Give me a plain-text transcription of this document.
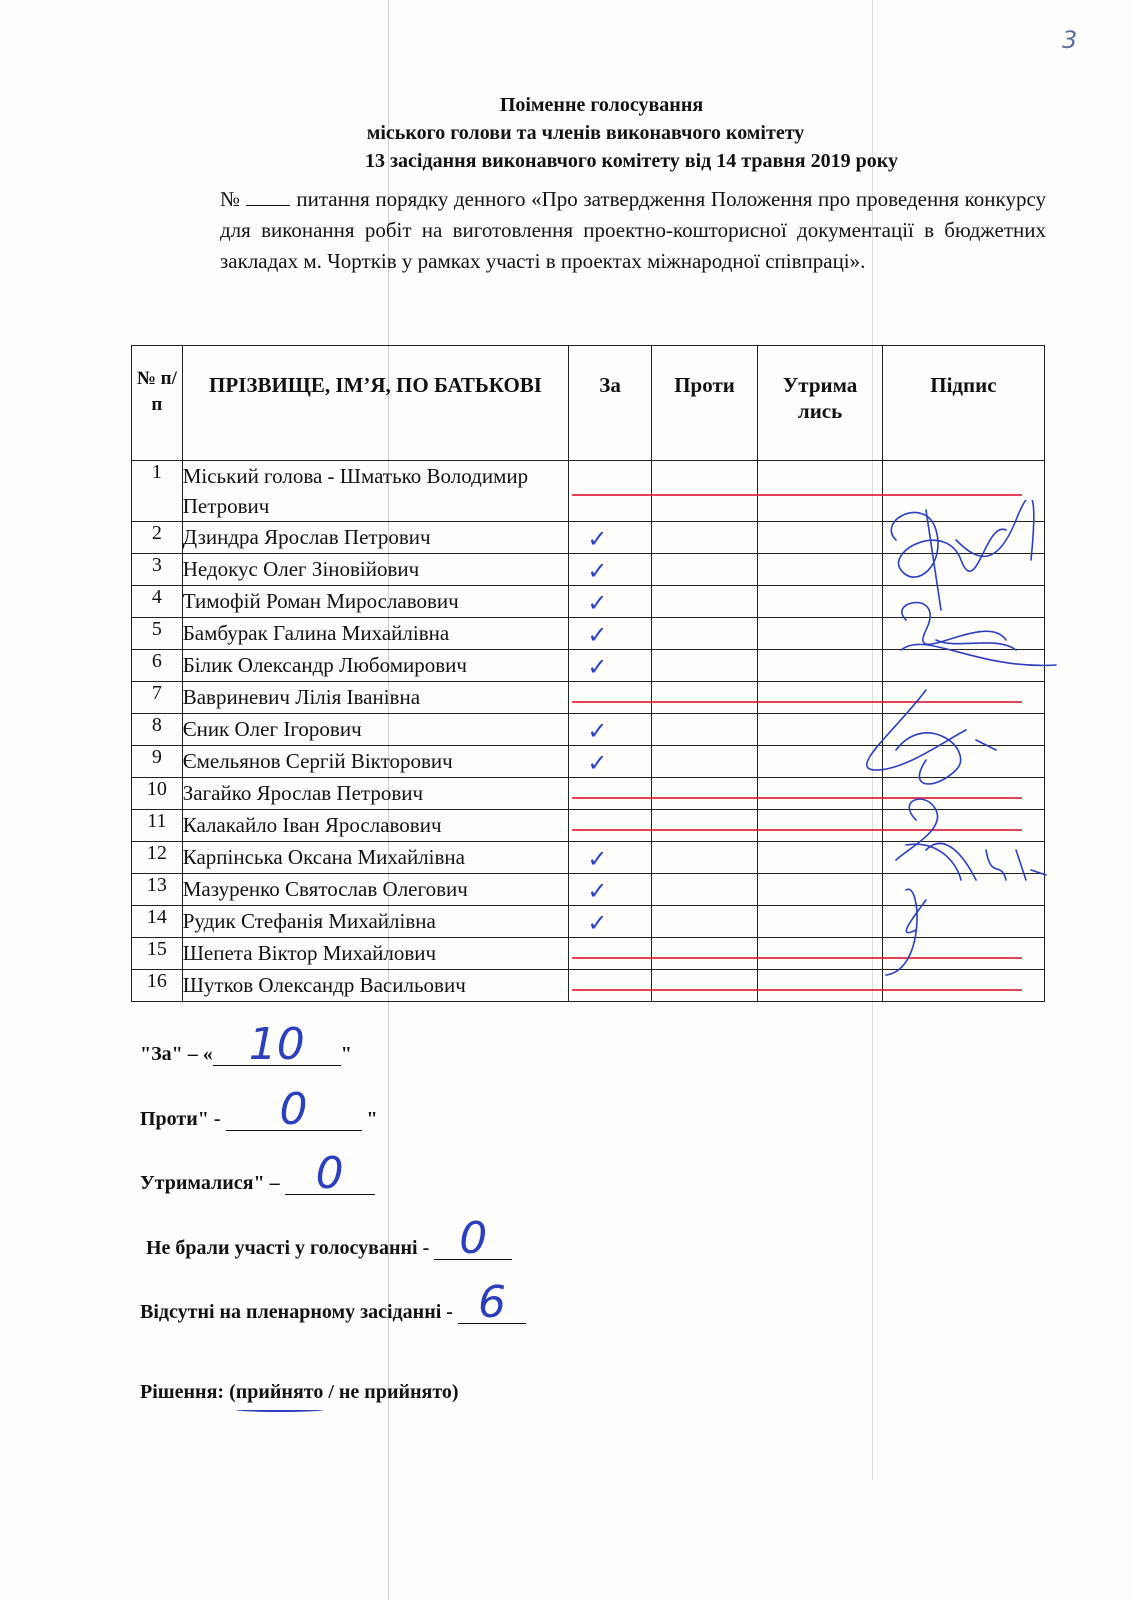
3
Поіменне голосування
міського голови та членів виконавчого комітету
13 засідання виконавчого комітету від 14 травня 2019 року
№	питання порядку денного «Про затвердження Положення про проведення конкурсу для виконання робіт на виготовлення проектно-кошторисної документації в бюджетних закладах м. Чортків у рамках участі в проектах міжнародної співпраці».
№ п/ п	ПРІЗВИЩЕ, ІМ’Я, ПО БАТЬКОВІ	За	Проти	Утрима лись	Підпис
1	Міський голова - Шматько Володимир Петрович				
2	Дзиндра Ярослав Петрович	✓			

3	Недокус Олег Зіновійович	✓			

4	Тимофій Роман Мирославович	✓			

5	Бамбурак Галина Михайлівна	✓			

6	Білик Олександр Любомирович	✓			

7	Вавриневич Лілія Іванівна				
8	Єник Олег Ігорович	✓			

9	Ємельянов Сергій Вікторович	✓			

10	Загайко Ярослав Петрович				
11	Калакайло Іван Ярославович				
12	Карпінська Оксана Михайлівна	✓			

13	Мазуренко Святослав Олегович	✓			

14	Рудик Стефанія Михайлівна	✓			

15	Шепета Віктор Михайлович				
16	Шутков Олександр Васильович				
"За" – « 10 "
Проти" - 0	"
Утрималися" – 0
Не брали участі у голосуванні - 0
Відсутні на пленарному засіданні - 6
Рішення: (прийнято / не прийнято)
